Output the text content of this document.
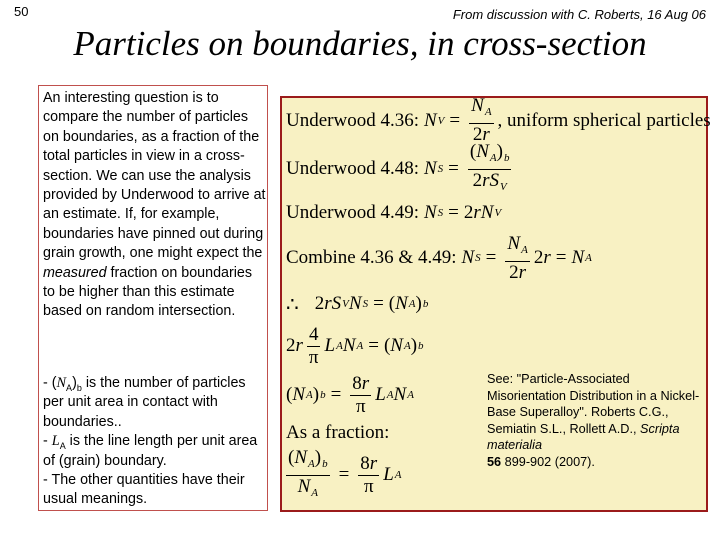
50	From discussion with C. Roberts, 16 Aug 06
Particles on boundaries, in cross-section

An interesting question is to compare the number of particles on boundaries, as a fraction of the total particles in view in a cross-section. We can use the analysis provided by Underwood to arrive at an estimate. If, for example, boundaries have pinned out during grain growth, one might expect the measured fraction on boundaries to be higher than this estimate based on random intersection.

- $(N_A)_b$ is the number of particles per unit area in contact with boundaries..

- $L_A$ is the line length per unit area of (grain) boundary.

- The other quantities have their usual meanings.

Underwood 4.36: N $V = \frac{N_A}{2r}$ , uniform spherical particles
Underwood 4.48: N $S = \frac{(N_A)_b}{2rS_V}$
Underwood 4.49: N S = 2 rN V
Combine 4.36 & 4.49: N $S = \frac{N_A}{2r} 2$ r = N A
∴ 2 rS V N S = ( N A ) b
2 r $\frac{4}{\pi}$ L A N A = ( N A ) b
( N A ) $b = \frac{8r}{\pi}$ L A N A
As a fraction:
$\frac{(N_A)_b}{N_A} = \frac{8r}{\pi}$ L A
See: "Particle-Associated Misorientation Distribution in a Nickel-Base Superalloy". Roberts C.G., Semiatin S.L., Rollett A.D., Scripta materialia
56 899-902 (2007).
